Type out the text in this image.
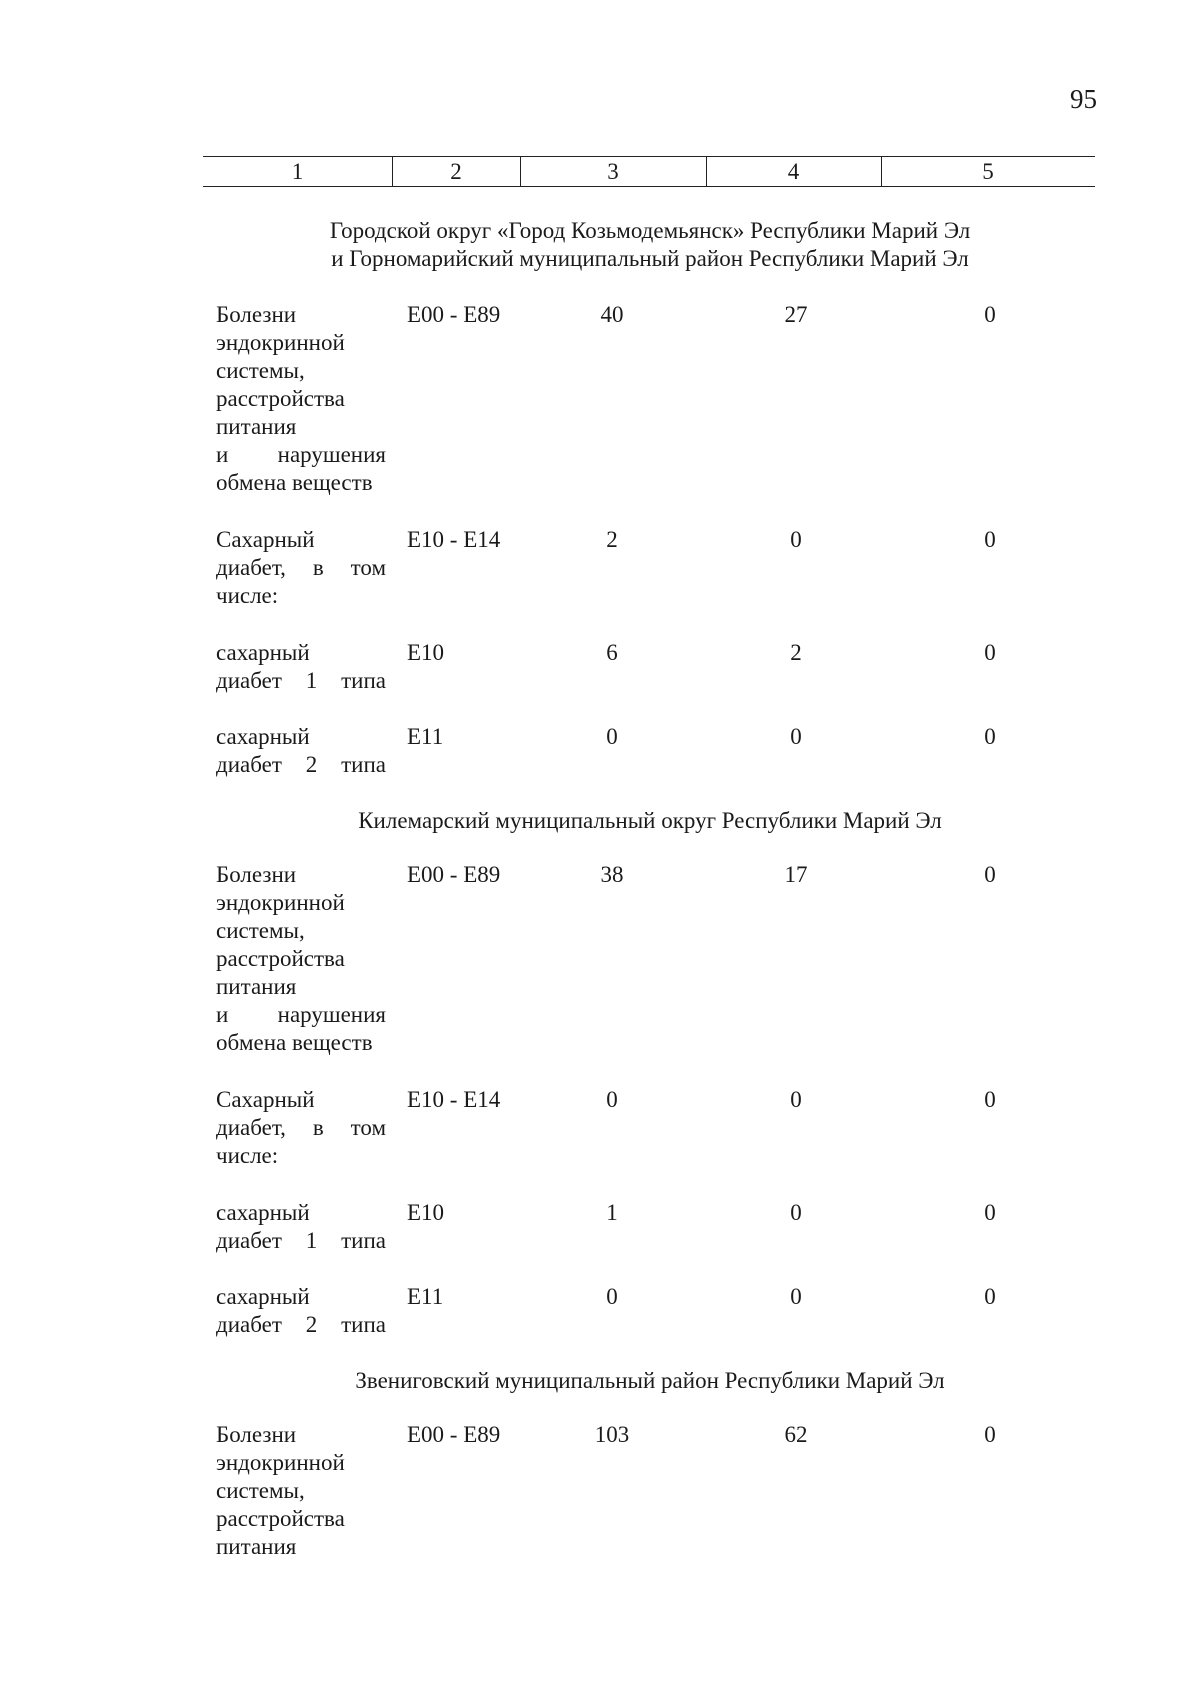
95
1	2	3	4	5
Городской округ «Город Козьмодемьянск» Республики Марий Эл
и Горномарийский муниципальный район Республики Марий Эл
Болезни
эндокринной
системы,
расстройства
питания
и нарушения
обмена веществ
E00 - E89	40	27	0
Сахарный
диабет, в том
числе:
E10 - E14	2	0	0
сахарный
диабет 1 типа
E10	6	2	0
сахарный
диабет 2 типа
E11	0	0	0
Килемарский муниципальный округ Республики Марий Эл
Болезни
эндокринной
системы,
расстройства
питания
и нарушения
обмена веществ
E00 - E89	38	17	0
Сахарный
диабет, в том
числе:
E10 - E14	0	0	0
сахарный
диабет 1 типа
E10	1	0	0
сахарный
диабет 2 типа
E11	0	0	0
Звениговский муниципальный район Республики Марий Эл
Болезни
эндокринной
системы,
расстройства
питания
E00 - E89	103	62	0
